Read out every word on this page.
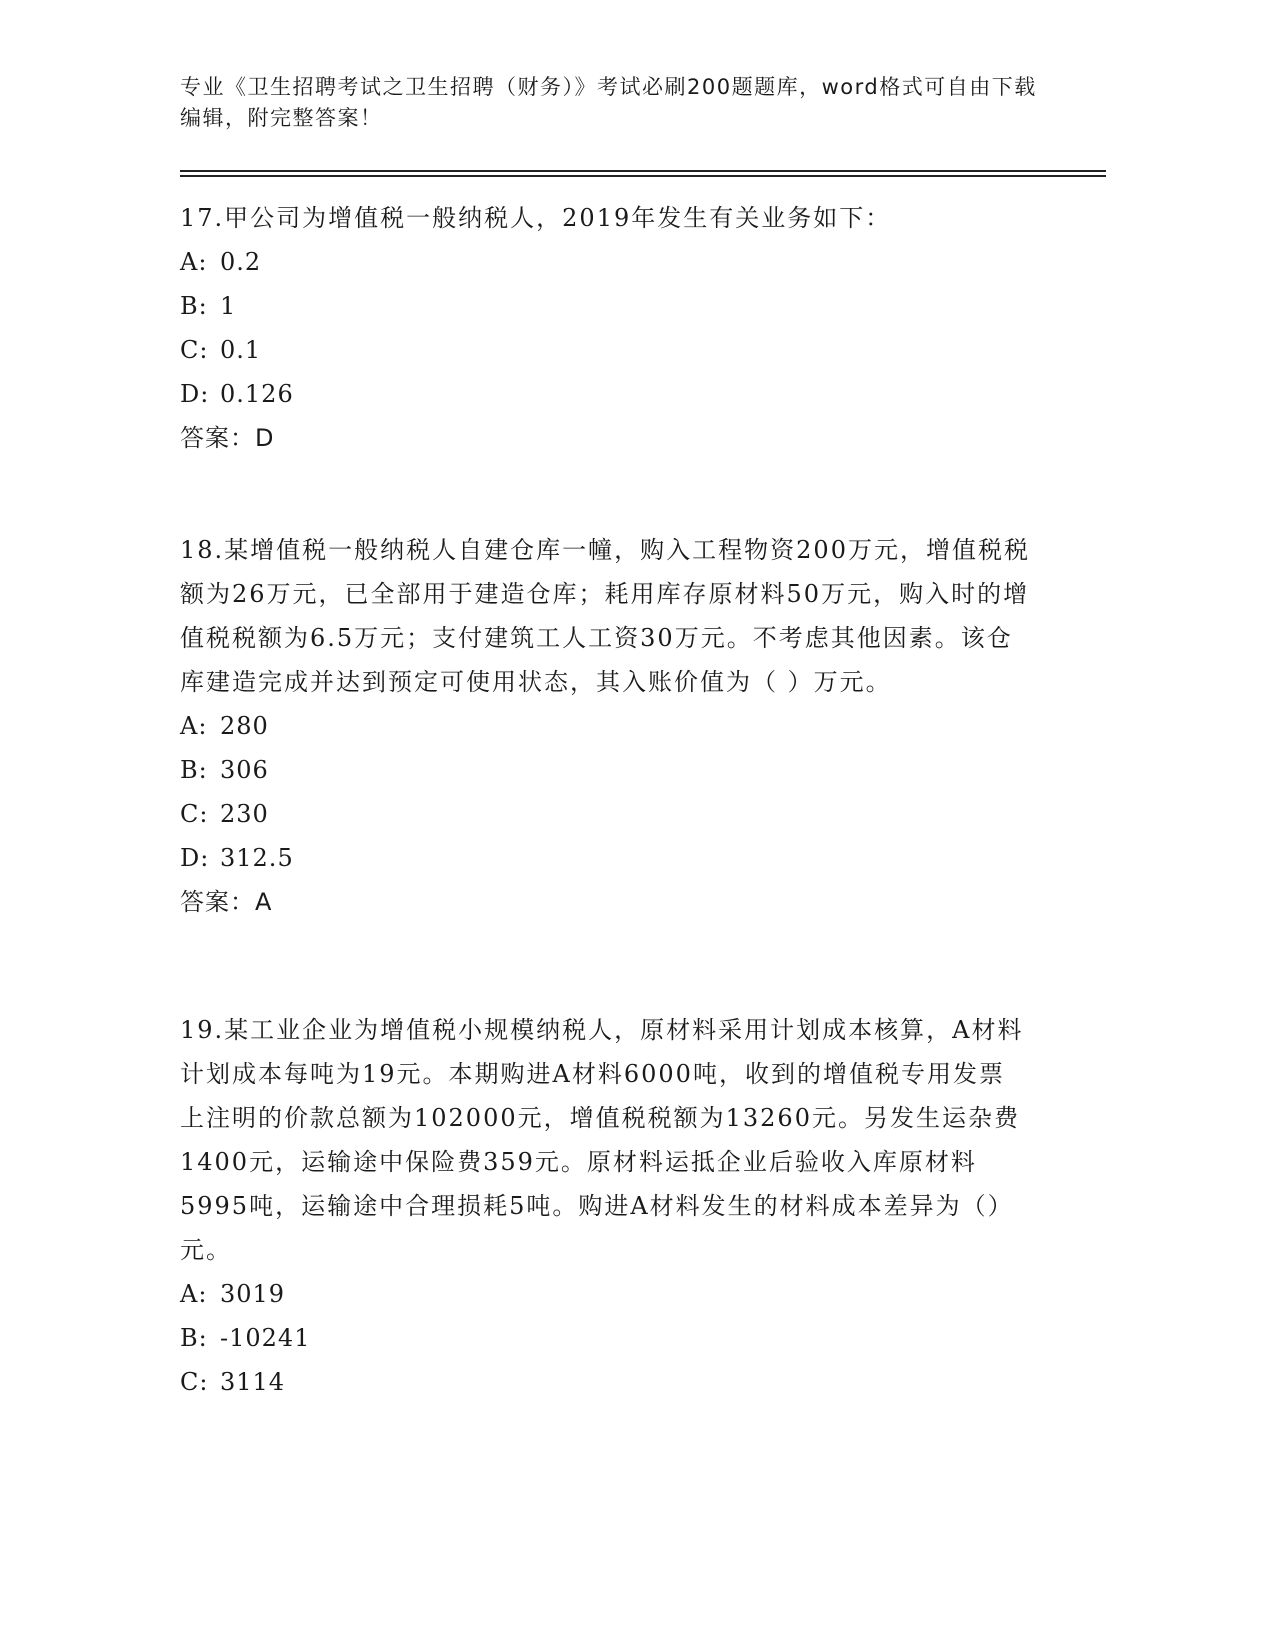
专业《卫生招聘考试之卫生招聘（财务）》考试必刷200题题库，word格式可自由下载编辑，附完整答案！

17.甲公司为增值税一般纳税人，2019年发生有关业务如下：

A: 0.2

B: 1

C: 0.1

D: 0.126

答案：D

18.某增值税一般纳税人自建仓库一幢，购入工程物资200万元，增值税税额为26万元，已全部用于建造仓库；耗用库存原材料50万元，购入时的增值税税额为6.5万元；支付建筑工人工资30万元。不考虑其他因素。该仓库建造完成并达到预定可使用状态，其入账价值为（ ）万元。

A: 280

B: 306

C: 230

D: 312.5

答案：A

19.某工业企业为增值税小规模纳税人，原材料采用计划成本核算，A材料计划成本每吨为19元。本期购进A材料6000吨，收到的增值税专用发票上注明的价款总额为102000元，增值税税额为13260元。另发生运杂费1400元，运输途中保险费359元。原材料运抵企业后验收入库原材料5995吨，运输途中合理损耗5吨。购进A材料发生的材料成本差异为（）元。

A: 3019

B: -10241

C: 3114
